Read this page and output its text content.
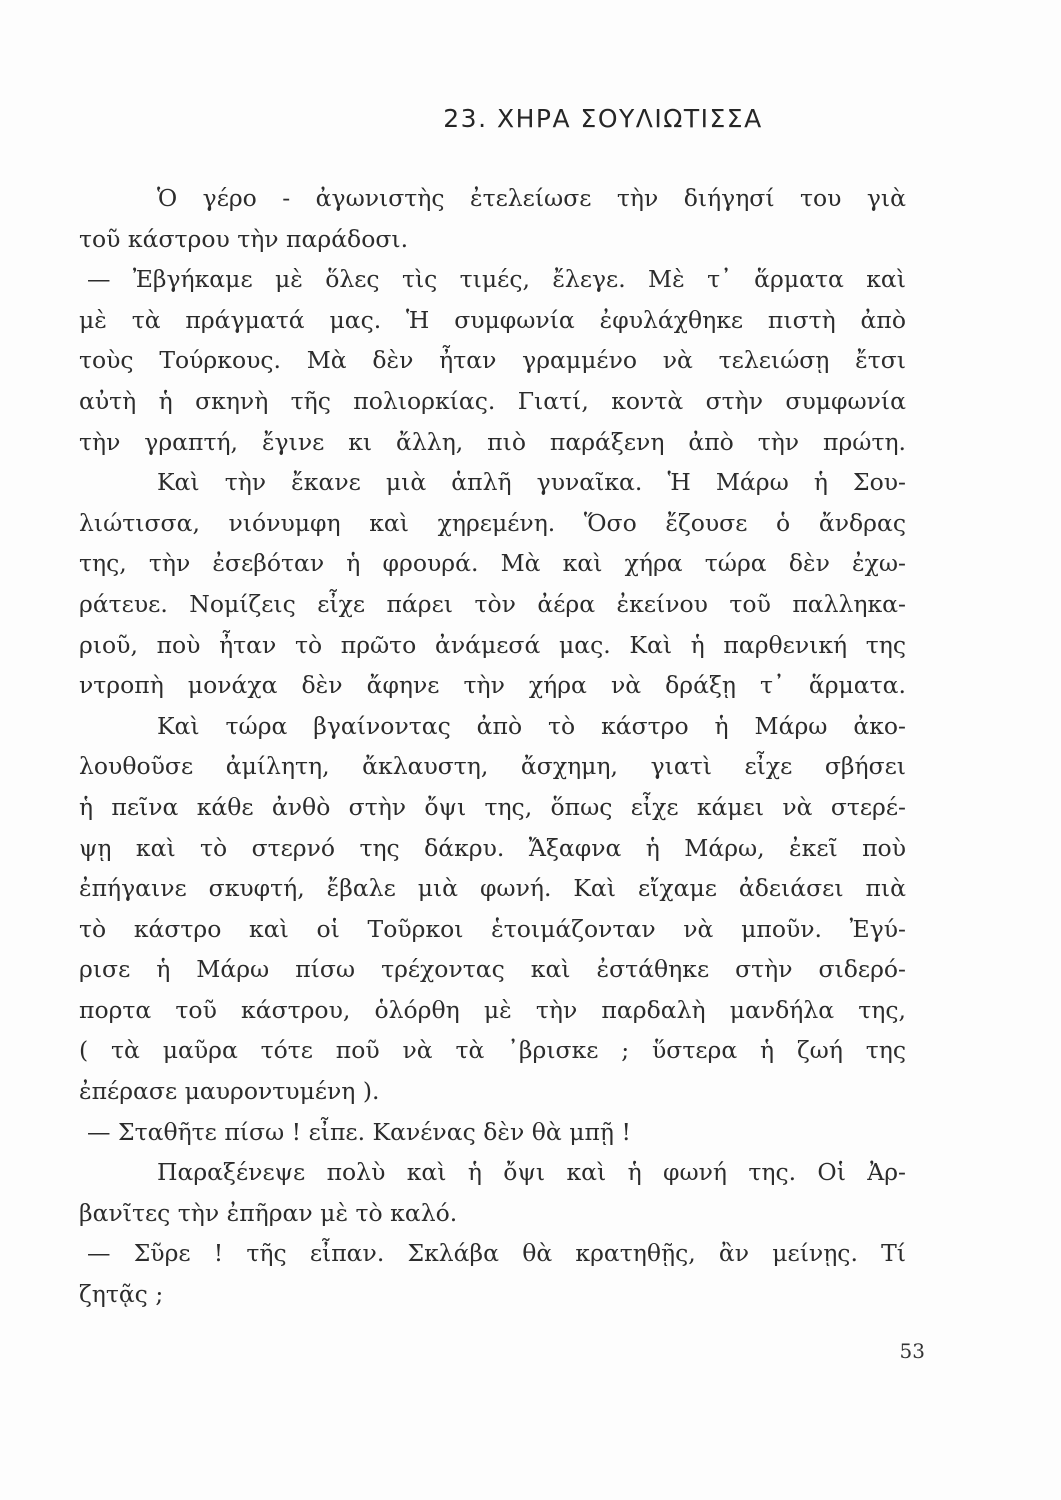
23. ΧΗΡΑ ΣΟΥΛΙΩΤΙΣΣΑ
Ὁ γέρο - ἀγωνιστὴς ἐτελείωσε τὴν διήγησί του γιὰ
τοῦ κάστρου τὴν παράδοσι.
— Ἐβγήκαμε μὲ ὅλες τὶς τιμές, ἔλεγε. Μὲ τ᾽ ἅρματα καὶ
μὲ τὰ πράγματά μας. Ἡ συμφωνία ἐφυλάχθηκε πιστὴ ἀπὸ
τοὺς Τούρκους. Μὰ δὲν ἦταν γραμμένο νὰ τελειώσῃ ἔτσι
αὐτὴ ἡ σκηνὴ τῆς πολιορκίας. Γιατί, κοντὰ στὴν συμφωνία
τὴν γραπτή, ἔγινε κι ἄλλη, πιὸ παράξενη ἀπὸ τὴν πρώτη.
Καὶ τὴν ἔκανε μιὰ ἁπλῆ γυναῖκα. Ἡ Μάρω ἡ Σου-
λιώτισσα, νιόνυμφη καὶ χηρεμένη. Ὅσο ἔζουσε ὁ ἄνδρας
της, τὴν ἐσεβόταν ἡ φρουρά. Μὰ καὶ χήρα τώρα δὲν ἐχω-
ράτευε. Νομίζεις εἶχε πάρει τὸν ἀέρα ἐκείνου τοῦ παλληκα-
ριοῦ, ποὺ ἦταν τὸ πρῶτο ἀνάμεσά μας. Καὶ ἡ παρθενική της
ντροπὴ μονάχα δὲν ἄφηνε τὴν χήρα νὰ δράξῃ τ᾽ ἅρματα.
Καὶ τώρα βγαίνοντας ἀπὸ τὸ κάστρο ἡ Μάρω ἀκο-
λουθοῦσε ἀμίλητη, ἄκλαυστη, ἄσχημη, γιατὶ εἶχε σβήσει
ἡ πεῖνα κάθε ἀνθὸ στὴν ὄψι της, ὅπως εἶχε κάμει νὰ στερέ-
ψῃ καὶ τὸ στερνό της δάκρυ. Ἄξαφνα ἡ Μάρω, ἐκεῖ ποὺ
ἐπήγαινε σκυφτή, ἔβαλε μιὰ φωνή. Καὶ εἴχαμε ἀδειάσει πιὰ
τὸ κάστρο καὶ οἱ Τοῦρκοι ἑτοιμάζονταν νὰ μποῦν. Ἐγύ-
ρισε ἡ Μάρω πίσω τρέχοντας καὶ ἐστάθηκε στὴν σιδερό-
πορτα τοῦ κάστρου, ὁλόρθη μὲ τὴν παρδαλὴ μανδήλα της,
( τὰ μαῦρα τότε ποῦ νὰ τὰ ᾽βρισκε ; ὕστερα ἡ ζωή της
ἐπέρασε μαυροντυμένη ).
— Σταθῆτε πίσω ! εἶπε. Κανένας δὲν θὰ μπῇ !
Παραξένεψε πολὺ καὶ ἡ ὄψι καὶ ἡ φωνή της. Οἱ Ἀρ-
βανῖτες τὴν ἐπῆραν μὲ τὸ καλό.
— Σῦρε ! τῆς εἶπαν. Σκλάβα θὰ κρατηθῇς, ἂν μείνῃς. Τί
ζητᾷς ;
53
